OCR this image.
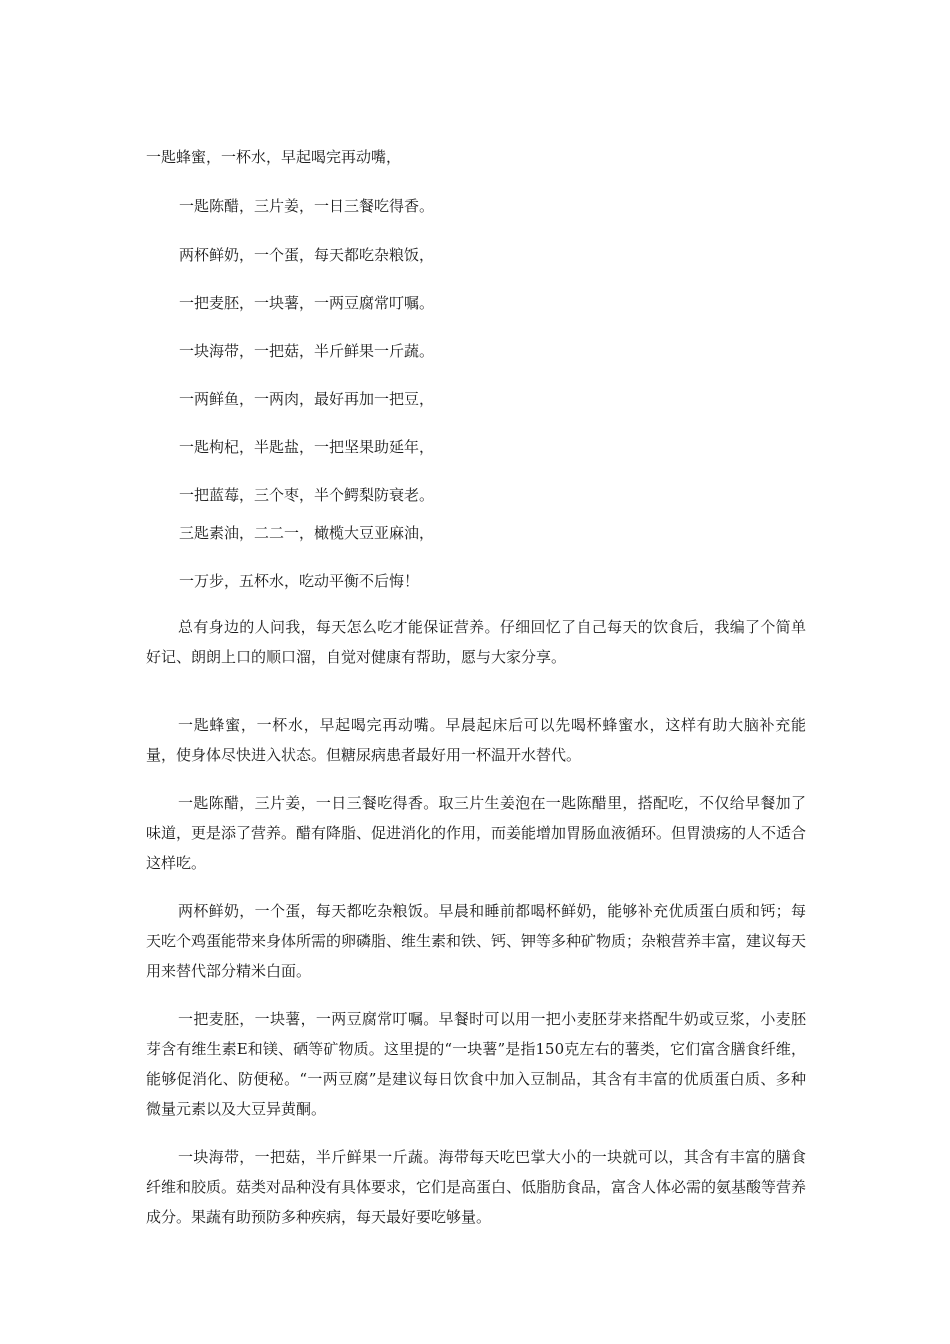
一匙蜂蜜，一杯水，早起喝完再动嘴，

一匙陈醋，三片姜，一日三餐吃得香。

两杯鲜奶，一个蛋，每天都吃杂粮饭，

一把麦胚，一块薯，一两豆腐常叮嘱。

一块海带，一把菇，半斤鲜果一斤蔬。

一两鲜鱼，一两肉，最好再加一把豆，

一匙枸杞，半匙盐，一把坚果助延年，

一把蓝莓，三个枣，半个鳄梨防衰老。

三匙素油，二二一，橄榄大豆亚麻油，

一万步，五杯水，吃动平衡不后悔！

总有身边的人问我，每天怎么吃才能保证营养。仔细回忆了自己每天的饮食后，我编了个简单好记、朗朗上口的顺口溜，自觉对健康有帮助，愿与大家分享。

一匙蜂蜜，一杯水，早起喝完再动嘴。早晨起床后可以先喝杯蜂蜜水，这样有助大脑补充能量，使身体尽快进入状态。但糖尿病患者最好用一杯温开水替代。

一匙陈醋，三片姜，一日三餐吃得香。取三片生姜泡在一匙陈醋里，搭配吃，不仅给早餐加了味道，更是添了营养。醋有降脂、促进消化的作用，而姜能增加胃肠血液循环。但胃溃疡的人不适合这样吃。

两杯鲜奶，一个蛋，每天都吃杂粮饭。早晨和睡前都喝杯鲜奶，能够补充优质蛋白质和钙；每天吃个鸡蛋能带来身体所需的卵磷脂、维生素和铁、钙、钾等多种矿物质；杂粮营养丰富，建议每天用来替代部分精米白面。

一把麦胚，一块薯，一两豆腐常叮嘱。早餐时可以用一把小麦胚芽来搭配牛奶或豆浆，小麦胚芽含有维生素E和镁、硒等矿物质。这里提的“一块薯”是指150克左右的薯类，它们富含膳食纤维，能够促消化、防便秘。“一两豆腐”是建议每日饮食中加入豆制品，其含有丰富的优质蛋白质、多种微量元素以及大豆异黄酮。

一块海带，一把菇，半斤鲜果一斤蔬。海带每天吃巴掌大小的一块就可以，其含有丰富的膳食纤维和胶质。菇类对品种没有具体要求，它们是高蛋白、低脂肪食品，富含人体必需的氨基酸等营养成分。果蔬有助预防多种疾病，每天最好要吃够量。
